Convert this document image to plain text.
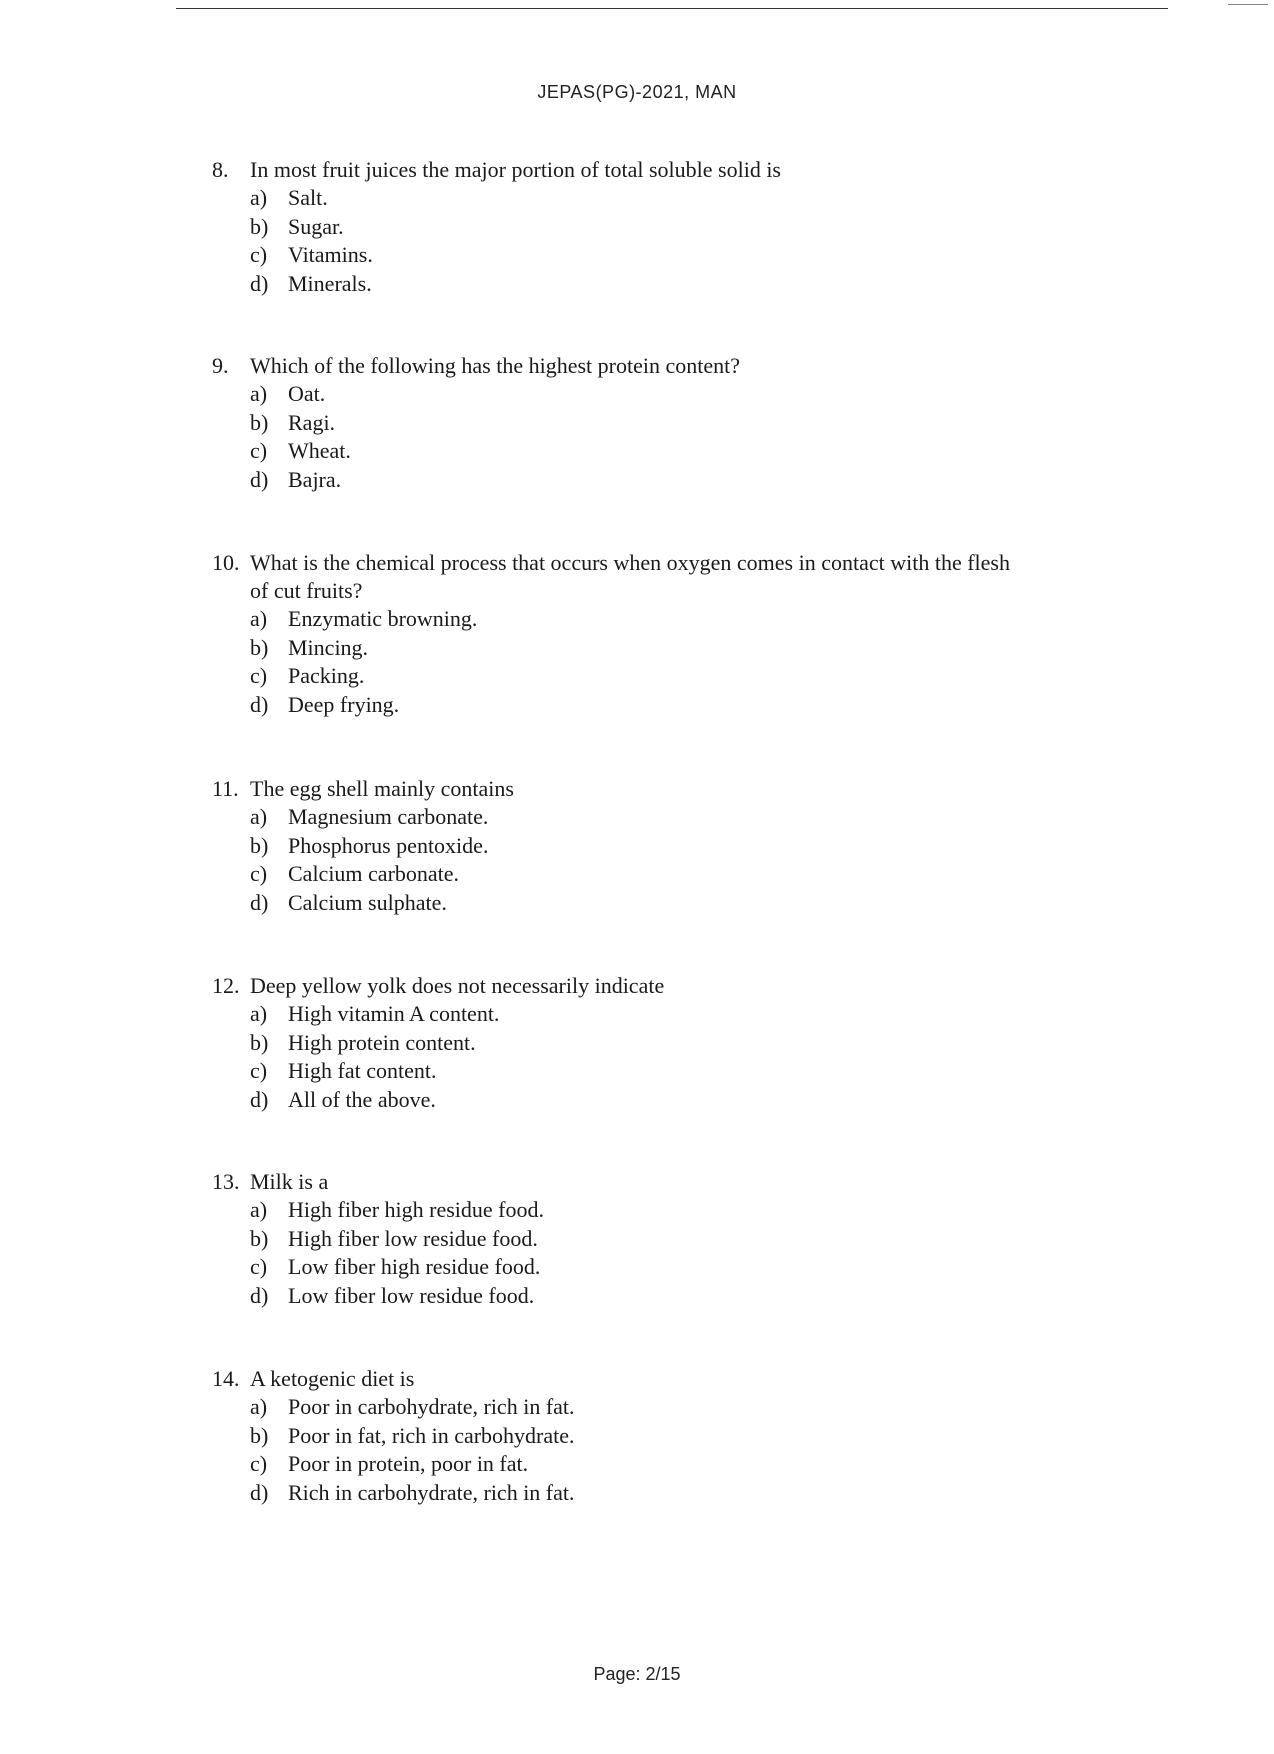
JEPAS(PG)-2021, MAN
8. In most fruit juices the major portion of total soluble solid is
a) Salt.
b) Sugar.
c) Vitamins.
d) Minerals.
9. Which of the following has the highest protein content?
a) Oat.
b) Ragi.
c) Wheat.
d) Bajra.
10. What is the chemical process that occurs when oxygen comes in contact with the flesh
of cut fruits?
a) Enzymatic browning.
b) Mincing.
c) Packing.
d) Deep frying.
11. The egg shell mainly contains
a) Magnesium carbonate.
b) Phosphorus pentoxide.
c) Calcium carbonate.
d) Calcium sulphate.
12. Deep yellow yolk does not necessarily indicate
a) High vitamin A content.
b) High protein content.
c) High fat content.
d) All of the above.
13. Milk is a
a) High fiber high residue food.
b) High fiber low residue food.
c) Low fiber high residue food.
d) Low fiber low residue food.
14. A ketogenic diet is
a) Poor in carbohydrate, rich in fat.
b) Poor in fat, rich in carbohydrate.
c) Poor in protein, poor in fat.
d) Rich in carbohydrate, rich in fat.
Page: 2/15
